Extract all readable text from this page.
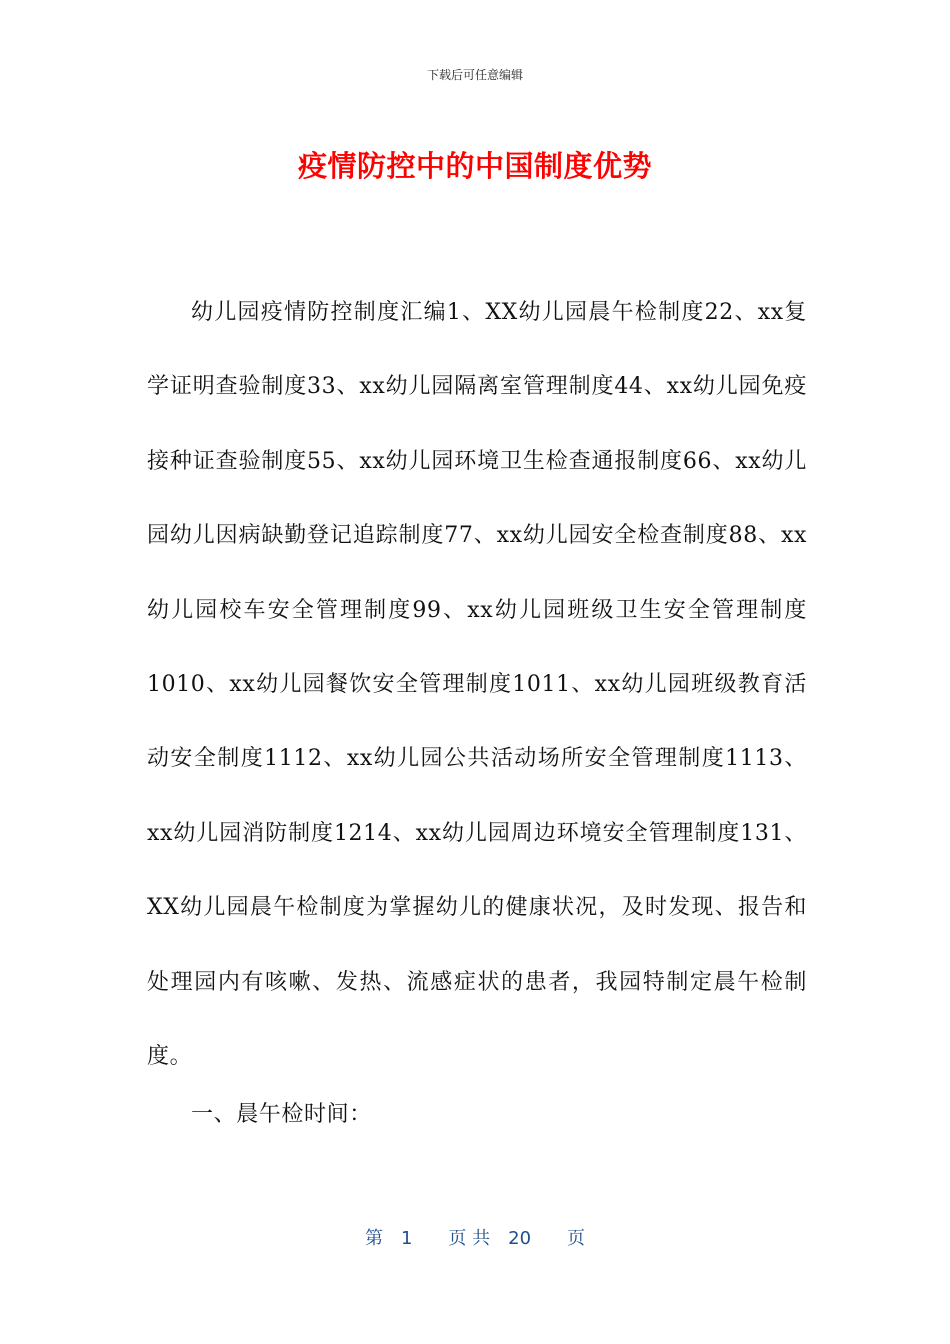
下载后可任意编辑
疫情防控中的中国制度优势

幼儿园疫情防控制度汇编1、XX幼儿园晨午检制度22、xx复学证明查验制度33、xx幼儿园隔离室管理制度44、xx幼儿园免疫接种证查验制度55、xx幼儿园环境卫生检查通报制度66、xx幼儿园幼儿因病缺勤登记追踪制度77、xx幼儿园安全检查制度88、xx幼儿园校车安全管理制度99、xx幼儿园班级卫生安全管理制度1010、xx幼儿园餐饮安全管理制度1011、xx幼儿园班级教育活动安全制度1112、xx幼儿园公共活动场所安全管理制度1113、xx幼儿园消防制度1214、xx幼儿园周边环境安全管理制度131、XX幼儿园晨午检制度为掌握幼儿的健康状况，及时发现、报告和处理园内有咳嗽、发热、流感症状的患者，我园特制定晨午检制度。

一、晨午检时间：

第　1　　页 共　20　　页
